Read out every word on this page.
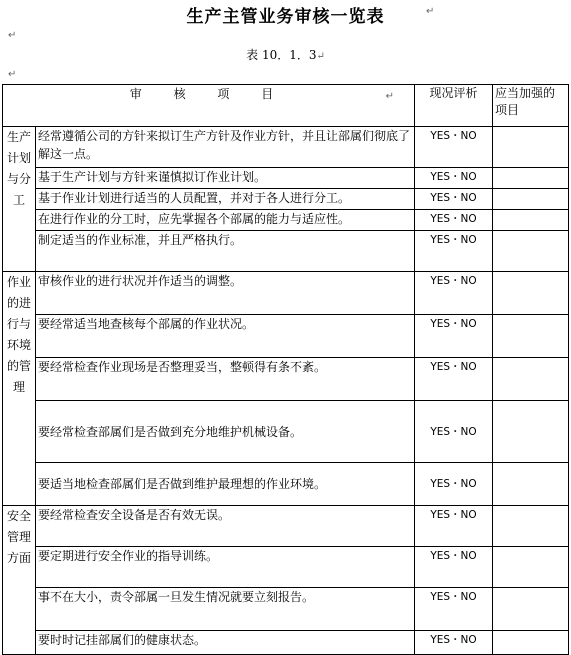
生产主管业务审核一览表	↵
↵
表 10．1．3↵
↵
审 核 项 目 ↵		现况评析	应当加强的项目
生产计划与分工	经常遵循公司的方针来拟订生产方针及作业方针，并且让部属们彻底了解这一点。	YES・NO	
	基于生产计划与方针来谨慎拟订作业计划。	YES・NO	
	基于作业计划进行适当的人员配置，并对于各人进行分工。	YES・NO	
	在进行作业的分工时，应先掌握各个部属的能力与适应性。	YES・NO	
	制定适当的作业标准，并且严格执行。	YES・NO	
作业的进行与环境的管理	审核作业的进行状况并作适当的调整。	YES・NO	
	要经常适当地查核每个部属的作业状况。	YES・NO	
	要经常检查作业现场是否整理妥当，整顿得有条不紊。	YES・NO	
	要经常检查部属们是否做到充分地维护机械设备。	YES・NO	
	要适当地检查部属们是否做到维护最理想的作业环境。	YES・NO	
安全管理方面	要经常检查安全设备是否有效无误。	YES・NO	
	要定期进行安全作业的指导训练。	YES・NO	
	事不在大小，责令部属一旦发生情况就要立刻报告。	YES・NO	
	要时时记挂部属们的健康状态。	YES・NO	
